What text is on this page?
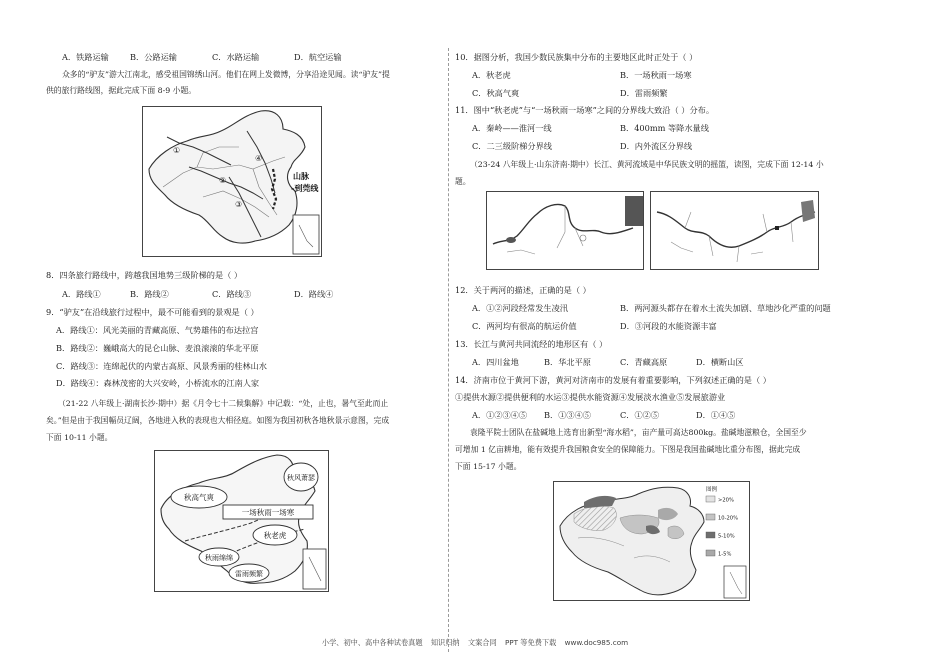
A．铁路运输	B．公路运输	C．水路运输	D．航空运输
众多的“驴友”游大江南北，感受祖国锦绣山河。他们在网上发微博，分享沿途见闻。读“驴友”提
供的旅行路线图，据此完成下面 8-9 小题。
①
②
③
④
山脉
-到莞线
8．四条旅行路线中，跨越我国地势三级阶梯的是（ ）
A．路线①	B．路线②	C．路线③	D．路线④
9．“驴友”在沿线旅行过程中，最不可能看到的景观是（ ）
A．路线①：风光美丽的青藏高原、气势雄伟的布达拉宫
B．路线②：巍峨高大的昆仑山脉、麦浪滚滚的华北平原
C．路线③：连绵起伏的内蒙古高原、风景秀丽的桂林山水
D．路线④：森林茂密的大兴安岭，小桥流水的江南人家
（21-22 八年级上·湖南长沙·期中）据《月令七十二候集解》中记载：“处，止也，暑气至此而止
矣。”但是由于我国幅员辽阔，各地进入秋的表现也大相径庭。如图为我国初秋各地秋景示意图，完成
下面 10-11 小题。
秋高气爽
一场秋雨一场寒
秋老虎
秋风萧瑟
秋雨绵绵
雷雨频繁
10．据图分析，我国少数民族集中分布的主要地区此时正处于（ ）
A．秋老虎	B．一场秋雨一场寒
C．秋高气爽	D．雷雨频繁
11．图中“秋老虎”与“一场秋雨一场寒”之间的分界线大致沿（ ）分布。
A．秦岭——淮河一线	B．400mm 等降水量线
C．二三级阶梯分界线	D．内外流区分界线
（23-24 八年级上·山东济南·期中）长江、黄河流域是中华民族文明的摇篮，读图，完成下面 12-14 小
题。
12．关于两河的描述，正确的是（ ）
A．①②河段经常发生凌汛	B．两河源头都存在着水土流失加剧、草地沙化严重的问题
C．两河均有很高的航运价值	D．③河段的水能资源丰富
13．长江与黄河共同流经的地形区有（ ）
A．四川盆地	B．华北平原	C．青藏高原	D．横断山区
14．济南市位于黄河下游，黄河对济南市的发展有着重要影响，下列叙述正确的是（ ）
①提供水源②提供便利的水运③提供水能资源④发展淡水渔业⑤发展旅游业
A．①②③④⑤ B．①③④⑤	C．①②⑤	D．①④⑤
袁隆平院士团队在盐碱地上选育出新型“海水稻”，亩产量可高达800kg。盐碱地滋粮仓，全国至少
可增加 1 亿亩耕地，能有效提升我国粮食安全的保障能力。下图是我国盐碱地比重分布图，据此完成
下面 15-17 小题。
图例
>20%
10-20%
5-10%
1-5%
小学、初中、高中各种试卷真题 知识归纳 文案合同 PPT 等免费下载 www.doc985.com
